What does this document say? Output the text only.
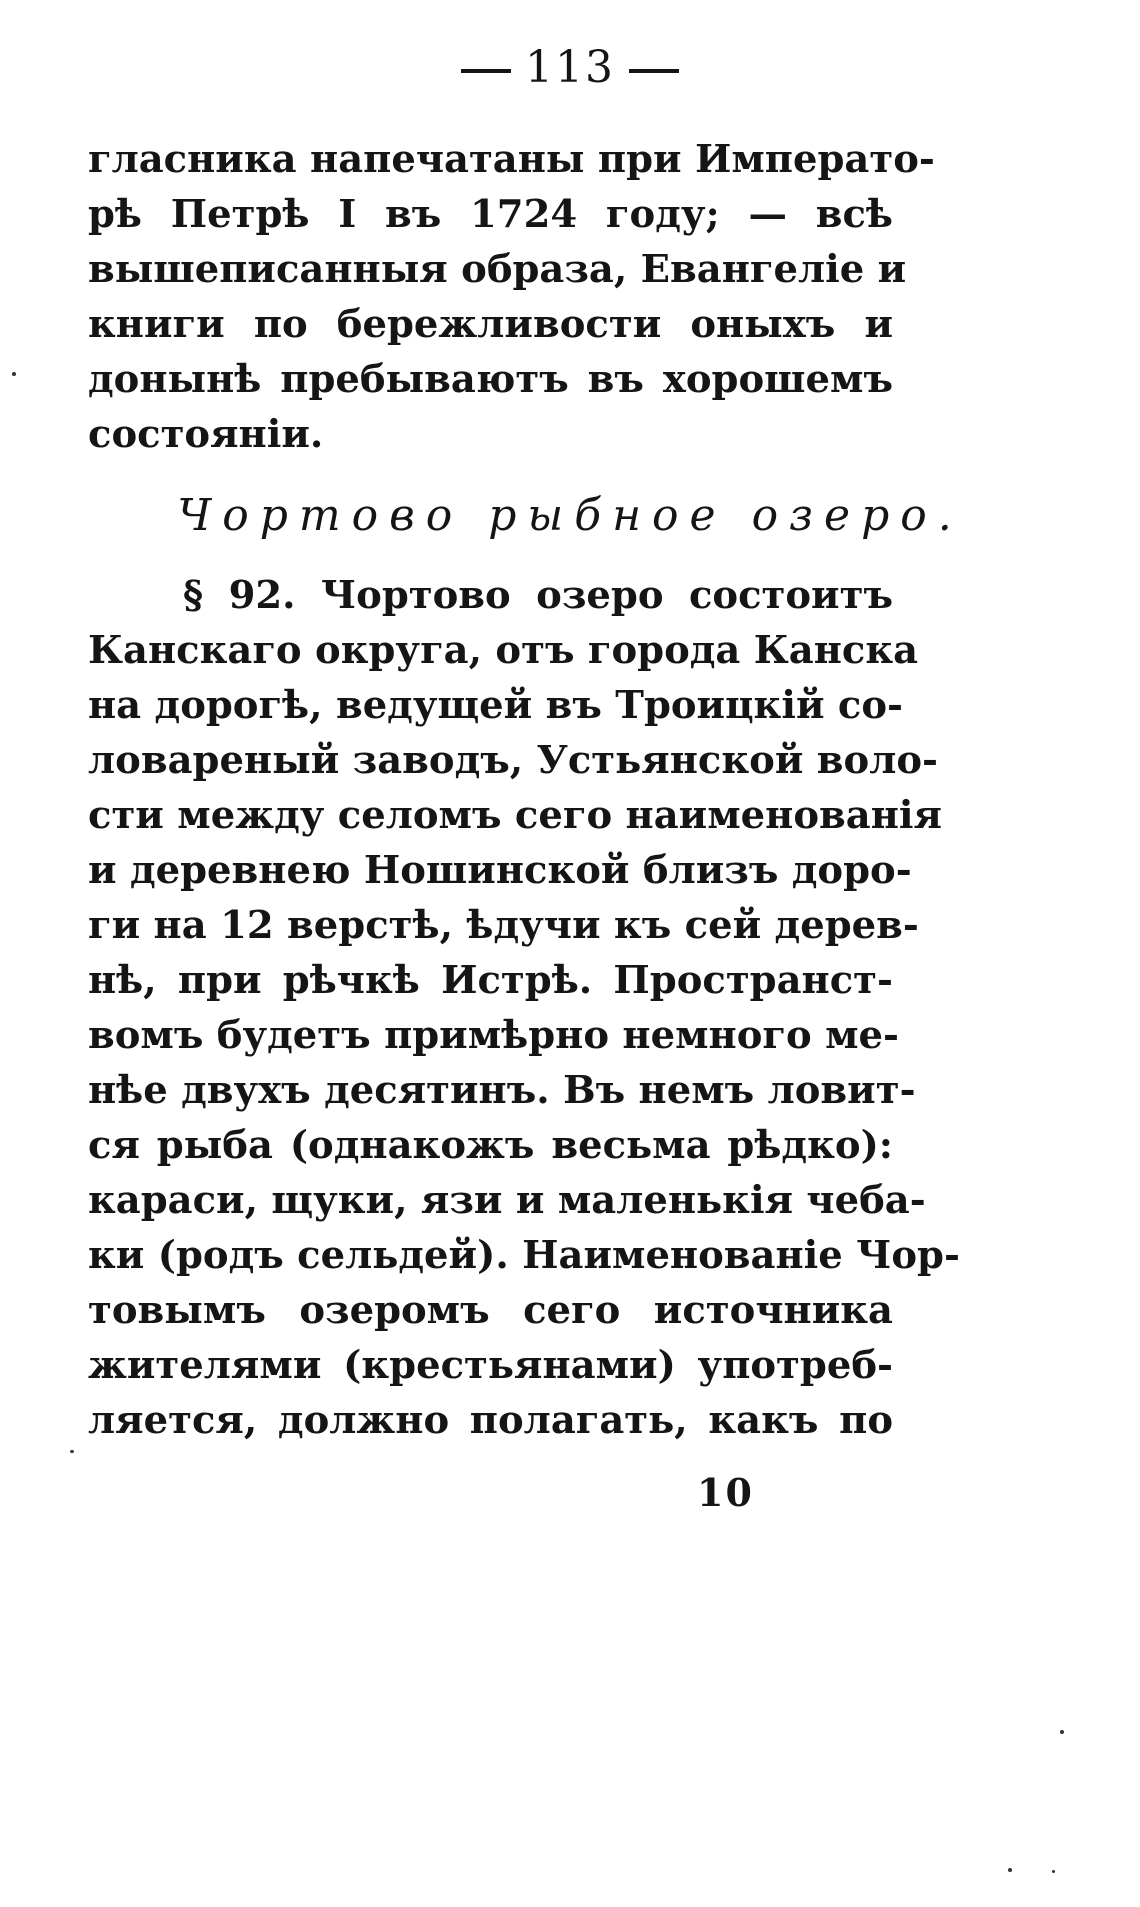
113
гласника напечатаны при Императо-
рѣ Петрѣ I въ 1724 году; — всѣ
вышеписанныя образа, Евангеліе и
книги по бережливости оныхъ и
донынѣ пребываютъ въ хорошемъ
состояніи.
Чортово рыбное озеро.
§ 92. Чортово озеро состоитъ
Канскаго округа, отъ города Канска
на дорогѣ, ведущей въ Троицкій со-
ловареный заводъ, Устьянской воло-
сти между селомъ сего наименованія
и деревнею Ношинской близъ доро-
ги на 12 верстѣ, ѣдучи къ сей дерев-
нѣ, при рѣчкѣ Истрѣ. Пространст-
вомъ будетъ примѣрно немного ме-
нѣе двухъ десятинъ. Въ немъ ловит-
ся рыба (однакожъ весьма рѣдко):
караси, щуки, язи и маленькія чеба-
ки (родъ сельдей). Наименованіе Чор-
товымъ озеромъ сего источника
жителями (крестьянами) употреб-
ляется, должно полагать, какъ по
10
